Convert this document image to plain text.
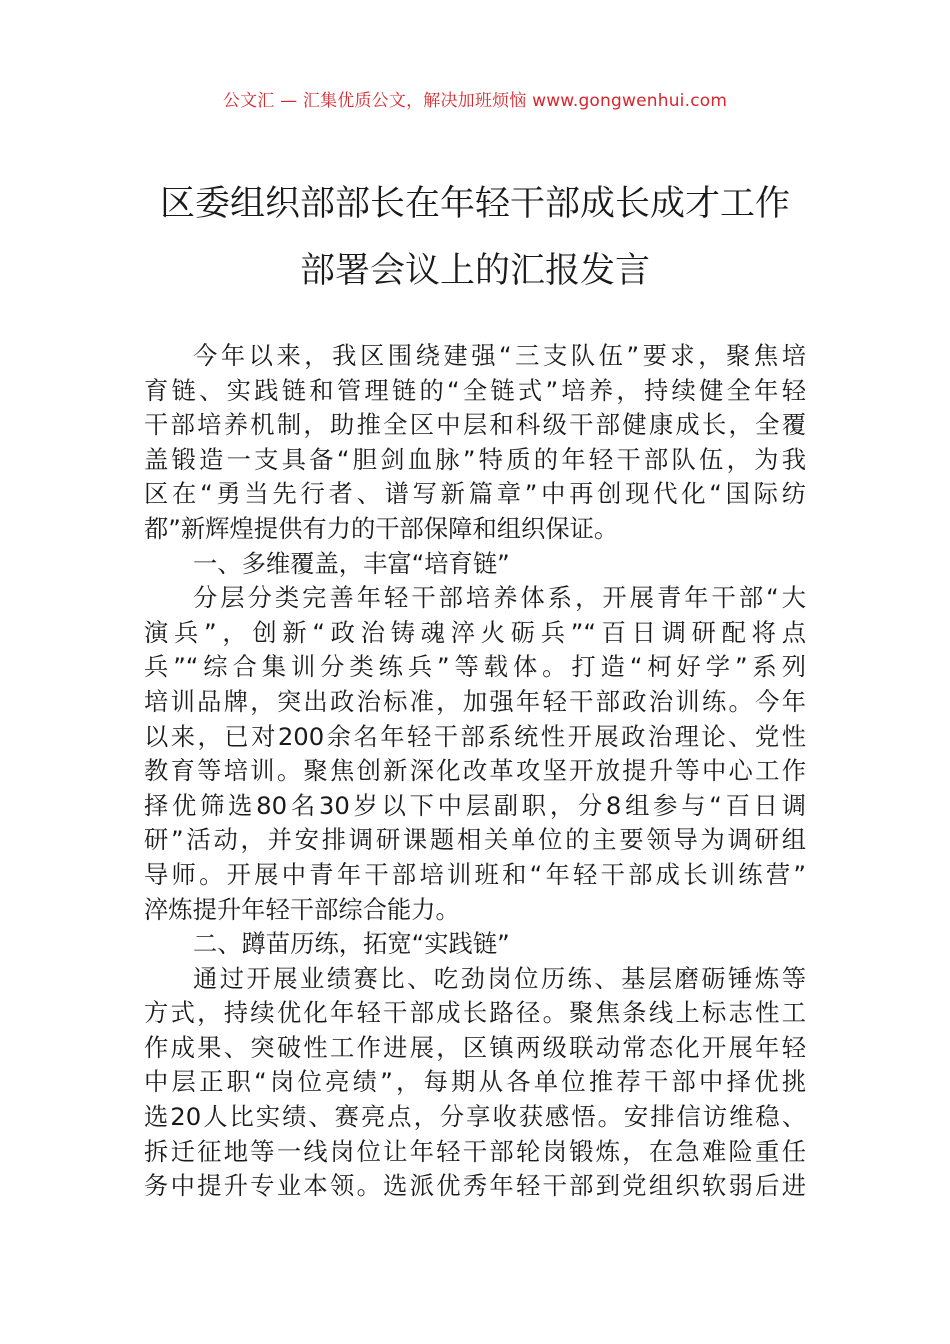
公文汇 — 汇集优质公文，解决加班烦恼 www.gongwenhui.com
区委组织部部长在年轻干部成长成才工作
部署会议上的汇报发言
今年以来，我区围绕建强“三支队伍”要求，聚焦培
育链、实践链和管理链的“全链式”培养，持续健全年轻
干部培养机制，助推全区中层和科级干部健康成长，全覆
盖锻造一支具备“胆剑血脉”特质的年轻干部队伍，为我
区在“勇当先行者、谱写新篇章”中再创现代化“国际纺
都”新辉煌提供有力的干部保障和组织保证。
一、多维覆盖，丰富“培育链”
分层分类完善年轻干部培养体系，开展青年干部“大
演兵”，创新“政治铸魂淬火砺兵”“百日调研配将点
兵”“综合集训分类练兵”等载体。打造“柯好学”系列
培训品牌，突出政治标准，加强年轻干部政治训练。今年
以来，已对200余名年轻干部系统性开展政治理论、党性
教育等培训。聚焦创新深化改革攻坚开放提升等中心工作
择优筛选80名30岁以下中层副职，分8组参与“百日调
研”活动，并安排调研课题相关单位的主要领导为调研组
导师。开展中青年干部培训班和“年轻干部成长训练营”
淬炼提升年轻干部综合能力。
二、蹲苗历练，拓宽“实践链”
通过开展业绩赛比、吃劲岗位历练、基层磨砺锤炼等
方式，持续优化年轻干部成长路径。聚焦条线上标志性工
作成果、突破性工作进展，区镇两级联动常态化开展年轻
中层正职“岗位亮绩”，每期从各单位推荐干部中择优挑
选20人比实绩、赛亮点，分享收获感悟。安排信访维稳、
拆迁征地等一线岗位让年轻干部轮岗锻炼，在急难险重任
务中提升专业本领。选派优秀年轻干部到党组织软弱后进
